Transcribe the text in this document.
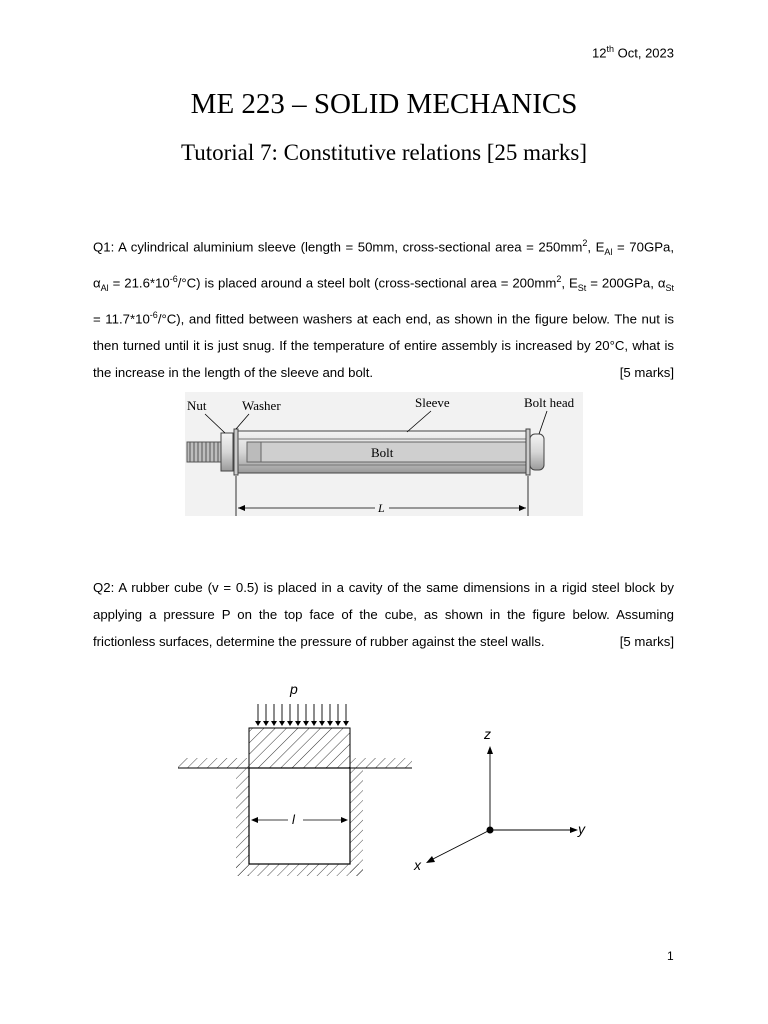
12th Oct, 2023
ME 223 – SOLID MECHANICS
Tutorial 7: Constitutive relations [25 marks]
Q1: A cylindrical aluminium sleeve (length = 50mm, cross-sectional area = $250mm^2$, $E_{Al} = 70GPa$, $\alpha_{Al} = 21.6*10^{-6}/^\circ C$) is placed around a steel bolt (cross-sectional area = $200mm^2$, $E_{St} = 200GPa$, $\alpha_{St} = 11.7*10^{-6}/^\circ C$), and fitted between washers at each end, as shown in the figure below. The nut is then turned until it is just snug. If the temperature of entire assembly is increased by 20°C, what is the increase in the length of the sleeve and bolt.	[5 marks]
Nut	Washer	Sleeve	Bolt head
Bolt
L
Q2: A rubber cube (v = 0.5) is placed in a cavity of the same dimensions in a rigid steel block by applying a pressure P on the top face of the cube, as shown in the figure below. Assuming frictionless surfaces, determine the pressure of rubber against the steel walls.	[5 marks]
p
l
z
y
x
1
